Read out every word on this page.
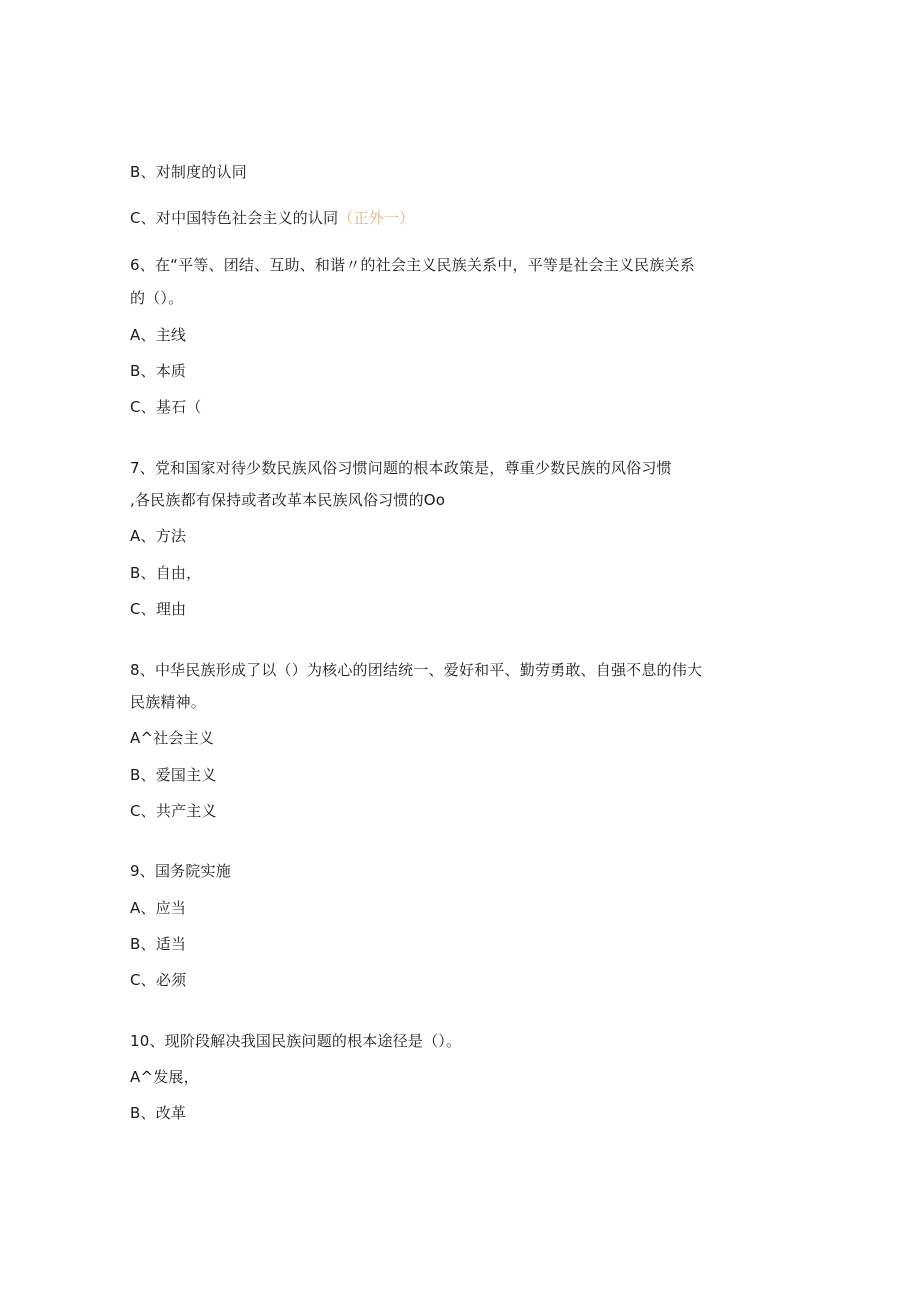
B、对制度的认同
C、对中国特色社会主义的认同（正外一）
6、在“平等、团结、互助、和谐〃的社会主义民族关系中，平等是社会主义民族关系
的（）。
A、主线
B、本质
C、基石（
7、党和国家对待少数民族风俗习惯问题的根本政策是，尊重少数民族的风俗习惯
,各民族都有保持或者改革本民族风俗习惯的Oo
A、方法
B、自由，
C、理由
8、中华民族形成了以（）为核心的团结统一、爱好和平、勤劳勇敢、自强不息的伟大
民族精神。
A^社会主义
B、爱国主义
C、共产主义
9、国务院实施
A、应当
B、适当
C、必须
10、现阶段解决我国民族问题的根本途径是（）。
A^发展，
B、改革
